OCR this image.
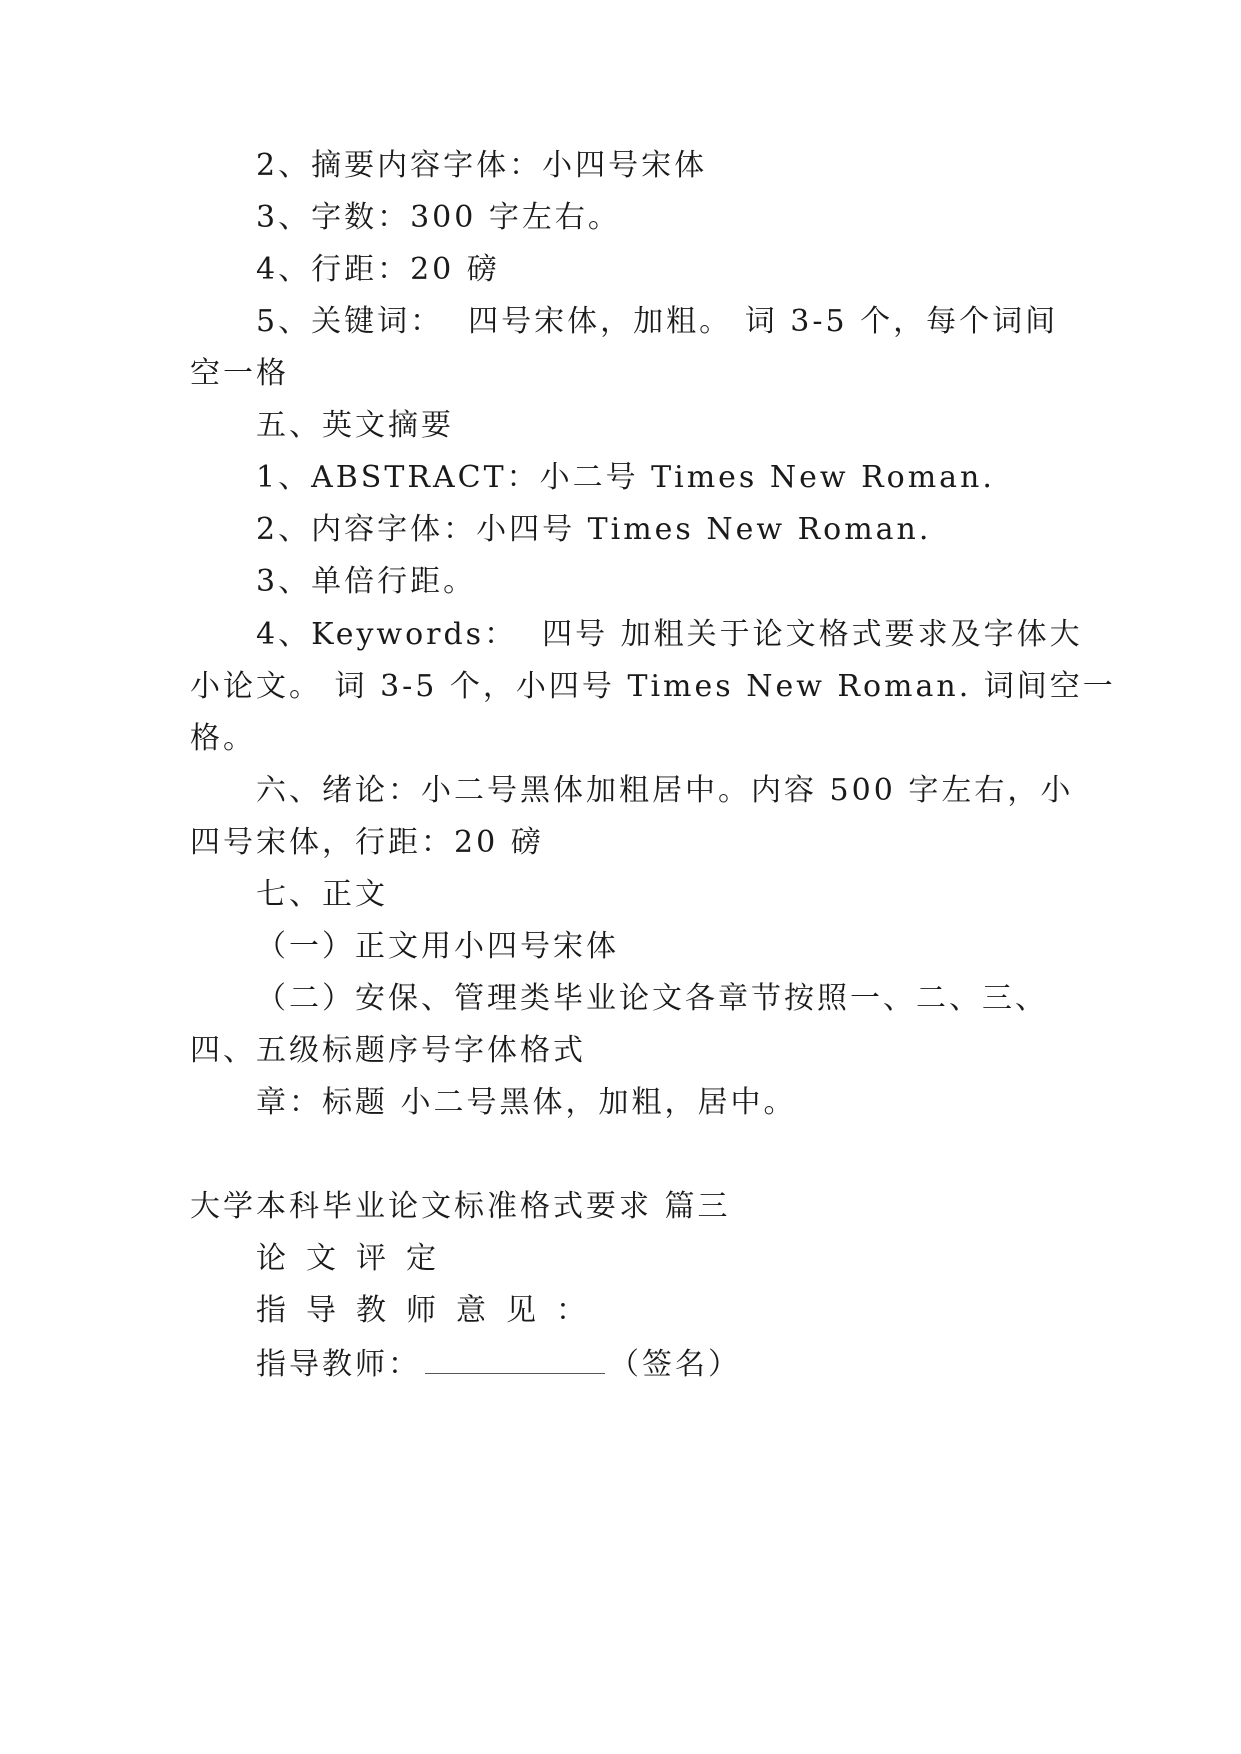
2、摘要内容字体：小四号宋体
3、字数：300 字左右。
4、行距：20 磅
5、关键词：  四号宋体，加粗。 词 3-5 个，每个词间
空一格
五、英文摘要
1、ABSTRACT：小二号 Times New Roman.
2、内容字体：小四号 Times New Roman.
3、单倍行距。
4、Keywords：  四号 加粗关于论文格式要求及字体大
小论文。 词 3-5 个，小四号 Times New Roman. 词间空一
格。
六、绪论：小二号黑体加粗居中。内容 500 字左右，小
四号宋体，行距：20 磅
七、正文
（一）正文用小四号宋体
（二）安保、管理类毕业论文各章节按照一、二、三、
四、五级标题序号字体格式
章：标题 小二号黑体，加粗，居中。
大学本科毕业论文标准格式要求 篇三
论文评定
指导教师意见：
指导教师：	（签名）
